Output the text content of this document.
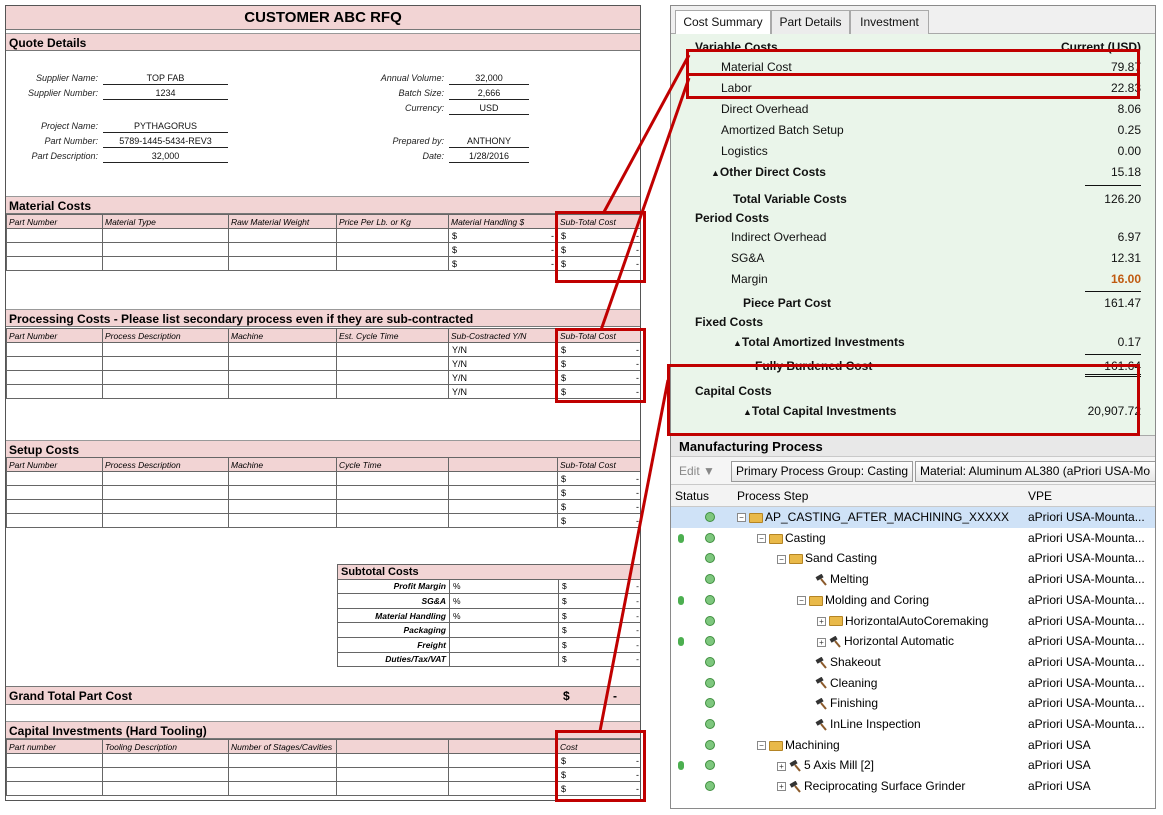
CUSTOMER ABC RFQ
Quote Details
Supplier Name:	TOP FAB
Supplier Number:	1234
Project Name:	PYTHAGORUS
Part Number:	5789-1445-5434-REV3
Part Description:	32,000
Annual Volume:	32,000
Batch Size:	2,666
Currency:	USD
Prepared by:	ANTHONY
Date:	1/28/2016
Material Costs
Part Number	Material Type	Raw Material Weight	Price Per Lb. or Kg	Material Handling $	Sub-Total Cost

				$ -	$ -

				$ -	$ -

				$ -	$ -
Processing Costs - Please list secondary process even if they are sub-contracted
Part Number	Process Description	Machine	Est. Cycle Time	Sub-Costracted Y/N	Sub-Total Cost
				Y/N	$ -

				Y/N	$ -

				Y/N	$ -

				Y/N	$ -
Setup Costs
Part Number	Process Description	Machine	Cycle Time		Sub-Total Cost

					$ -

					$ -

					$ -

					$ -
Subtotal Costs		
Profit Margin	%	$ -

SG&A	%	$ -

Material Handling	%	$ -

Packaging		$ -

Freight		$ -

Duties/Tax/VAT		$ -
Grand Total Part Cost	$	-
Capital Investments (Hard Tooling)
Part number	Tooling Description	Number of Stages/Cavities			Cost

					$ -

					$ -

					$ -
Cost Summary	Part Details	Investment
Variable Costs	Current (USD)
Material Cost	79.87
Labor	22.83
Direct Overhead	8.06
Amortized Batch Setup	0.25
Logistics	0.00
▲Other Direct Costs	15.18
Total Variable Costs	126.20
Period Costs
Indirect Overhead	6.97
SG&A	12.31
Margin	16.00
Piece Part Cost	161.47
Fixed Costs
▲Total Amortized Investments	0.17
Fully Burdened Cost	161.64
Capital Costs
▲Total Capital Investments	20,907.72
Manufacturing Process
Edit ▼	Primary Process Group: Casting Material: Aluminum AL380 (aPriori USA-Mo
Status Process Step	VPE
− AP_CASTING_AFTER_MACHINING_XXXXX aPriori USA-Mounta...
− Casting	aPriori USA-Mounta...
− Sand Casting	aPriori USA-Mounta...
Melting	aPriori USA-Mounta...
− Molding and Coring	aPriori USA-Mounta...
+ HorizontalAutoCoremaking	aPriori USA-Mounta...
+ Horizontal Automatic	aPriori USA-Mounta...
Shakeout	aPriori USA-Mounta...
Cleaning	aPriori USA-Mounta...
Finishing	aPriori USA-Mounta...
InLine Inspection	aPriori USA-Mounta...
− Machining	aPriori USA
+ 5 Axis Mill [2]	aPriori USA
+ Reciprocating Surface Grinder	aPriori USA
